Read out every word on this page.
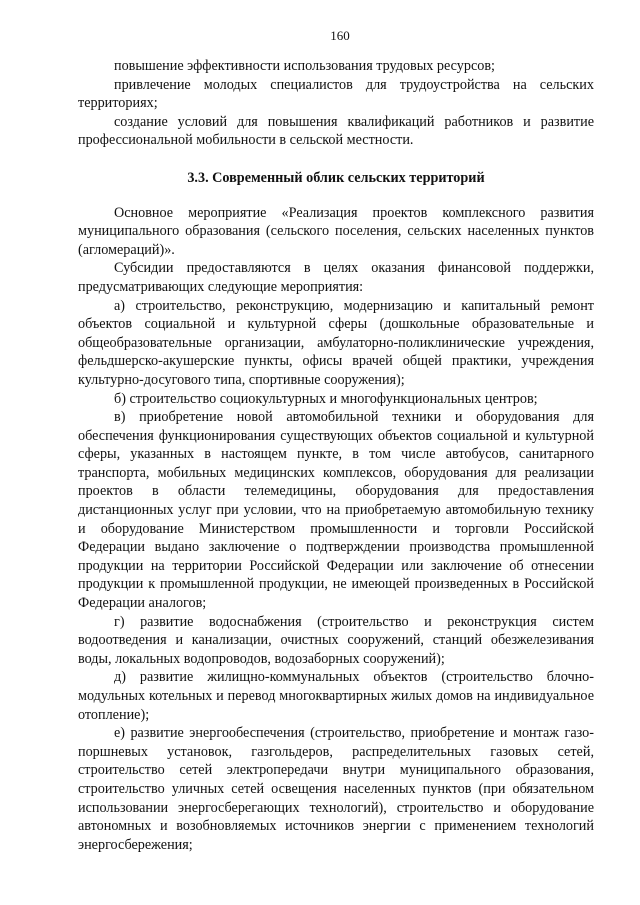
160

повышение эффективности использования трудовых ресурсов;

привлечение молодых специалистов для трудоустройства на сельских территориях;

создание условий для повышения квалификаций работников и развитие профессиональной мобильности в сельской местности.

3.3. Современный облик сельских территорий

Основное мероприятие «Реализация проектов комплексного развития муниципального образования (сельского поселения, сельских населенных пунктов (агломераций)».

Субсидии предоставляются в целях оказания финансовой поддержки, предусматривающих следующие мероприятия:

а) строительство, реконструкцию, модернизацию и капитальный ремонт объектов социальной и культурной сферы (дошкольные образовательные и общеобразовательные организации, амбулаторно-поликлинические учреждения, фельдшерско-акушерские пункты, офисы врачей общей практики, учреждения культурно-досугового типа, спортивные сооружения);

б) строительство социокультурных и многофункциональных центров;

в) приобретение новой автомобильной техники и оборудования для обеспечения функционирования существующих объектов социальной и культурной сферы, указанных в настоящем пункте, в том числе автобусов, санитарного транспорта, мобильных медицинских комплексов, оборудования для реализации проектов в области телемедицины, оборудования для предоставления дистанционных услуг при условии, что на приобретаемую автомобильную технику и оборудование Министерством промышленности и торговли Российской Федерации выдано заключение о подтверждении производства промышленной продукции на территории Российской Федерации или заключение об отнесении продукции к промышленной продукции, не имеющей произведенных в Российской Федерации аналогов;

г) развитие водоснабжения (строительство и реконструкция систем водоотведения и канализации, очистных сооружений, станций обезжелезивания воды, локальных водопроводов, водозаборных сооружений);

д) развитие жилищно-коммунальных объектов (строительство блочно-модульных котельных и перевод многоквартирных жилых домов на индивидуальное отопление);

е) развитие энергообеспечения (строительство, приобретение и монтаж газо-поршневых установок, газгольдеров, распределительных газовых сетей, строительство сетей электропередачи внутри муниципального образования, строительство уличных сетей освещения населенных пунктов (при обязательном использовании энергосберегающих технологий), строительство и оборудование автономных и возобновляемых источников энергии с применением технологий энергосбережения;
